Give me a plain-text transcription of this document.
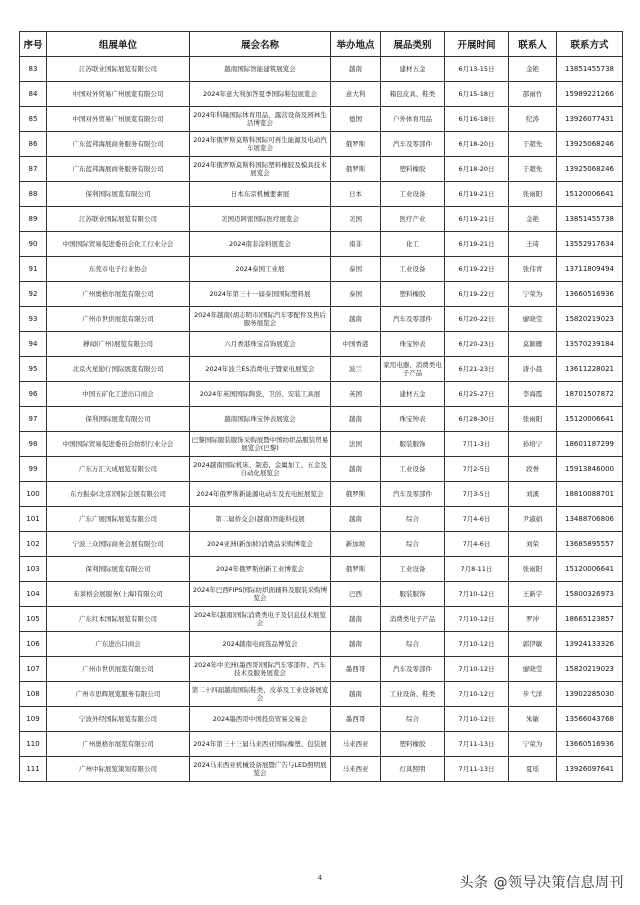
序号	组展单位	展会名称	举办地点	展品类别	开展时间	联系人	联系方式
83	江苏联业国际展览有限公司	越南国际智能建筑展览会	越南	建材五金	6月13-15日	金艳	13851455738
84	中国对外贸易广州展览有限公司	2024年意大利加答夏季国际鞋包展览会	意大利	箱包皮具、鞋类	6月15-18日	邵雨竹	15989221266
85	中国对外贸易广州展览有限公司	2024年科隆国际体育用品、露营设备及园林生活博览会	德国	户外体育用品	6月16-18日	纪涛	13926077431
86	广东蓝邦海展商务服务有限公司	2024年俄罗斯莫斯科国际可再生能源及电动汽车展览会	俄罗斯	汽车及零部件	6月18-20日	于超先	13925068246
87	广东蓝邦海展商务服务有限公司	2024年俄罗斯莫斯科国际塑料橡胶及模具技术展览会	俄罗斯	塑料橡胶	6月18-20日	于超先	13925068246
88	保利国际展览有限公司	日本东京机械要素展	日本	工业设备	6月19-21日	张雨阳	15120006641
89	江苏联业国际展览有限公司	美国迈阿密国际医疗展览会	美国	医疗产业	6月19-21日	金艳	13851455738
90	中国国际贸易促进委员会化工行业分会	2024南非涂料展览会	南非	化工	6月19-21日	王琦	13552917634
91	东莞市电子行业协会	2024泰国工业展	泰国	工业设备	6月19-22日	张伟青	13711809494
92	广州奥格尔展览有限公司	2024年第三十一届泰国国际塑料展	泰国	塑料橡胶	6月19-22日	宁荣为	13660516936
93	广州市世供展览有限公司	2024年越南(胡志明市)国际汽车零配件及售后服务展览会	越南	汽车及零部件	6月20-22日	廖晓莹	15820219023
94	搏闻(广州)展览有限公司	六月香港珠宝首饰展览会	中国香港	珠宝钟表	6月20-23日	莫颖雁	13570239184
95	北京火星励行国际展览有限公司	2024年波兰ES消费电子暨家电展览会	波兰	家用电器、消费类电子产品	6月21-23日	唐小晨	13611228021
96	中国五矿化工进出口商会	2024年英国国际陶瓷、卫浴、安装工具展	英国	建材五金	6月25-27日	李海霞	18701507872
97	保利国际展览有限公司	越南国际珠宝钟表展览会	越南	珠宝钟表	6月28-30日	张雨阳	15120006641
98	中国国际贸易促进委员会纺织行业分会	巴黎国际服装服饰采购展暨中国纺织品服装贸易展览会(巴黎)	法国	服装服饰	7月1-3日	孙培宁	18601187299
99	广东万汇天成展览有限公司	2024越南国际机床、制造、金属加工、五金及自动化展览会	越南	工业设备	7月2-5日	段誉	15913846000
100	东方振泰(北京)国际会展有限公司	2024年俄罗斯新能源电动车及充电桩展览会	俄罗斯	汽车及零部件	7月3-5日	刘溪	18810088701
101	广东广展国际展览有限公司	第二届侨交会(越南)智能科技展	越南	综合	7月4-6日	尹淑娟	13488706806
102	宁波三众国际商务会展有限公司	2024亚洲(新加坡)消费品采购博览会	新加坡	综合	7月4-6日	刘荣	13685895557
103	保利国际展览有限公司	2024年俄罗斯创新工业博览会	俄罗斯	工业设备	7月8-11日	张雨阳	15120006641
104	布莱格会展服务(上海)有限公司	2024年巴西FIPS国际纺织面辅料及服装采购博览会	巴西	服装服饰	7月10-12日	王新宇	15800326973
105	广东红本国际展览有限公司	2024年(越南)国际消费类电子及信息技术展览会	越南	消费类电子产品	7月10-12日	罗冲	18665123857
106	广东进出口商会	2024越南电商选品博览会	越南	综合	7月10-12日	郭伊敏	13924133326
107	广州市世供展览有限公司	2024年中美洲(墨西哥)国际汽车零部件、汽车技术及服务展览会	墨西哥	汽车及零部件	7月10-12日	廖晓莹	15820219023
108	广州市思辉展览服务有限公司	第二十四届越南国际鞋类、皮革及工业设备展览会	越南	工业设备、鞋类	7月10-12日	步弋洋	13902285030
109	宁波外经国际展览有限公司	2024墨西哥中国投资贸易交易会	墨西哥	综合	7月10-12日	朱敏	13566043768
110	广州奥格尔展览有限公司	2024年第三十三届马来西亚国际橡塑、包装展	马来西亚	塑料橡胶	7月11-13日	宁荣为	13660516936
111	广州中际展览策划有限公司	2024马来西亚机械设备展暨广告与LED照明展览会	马来西亚	灯具照明	7月11-13日	夏瑶	13926097641
4	头条 @领导决策信息周刊
